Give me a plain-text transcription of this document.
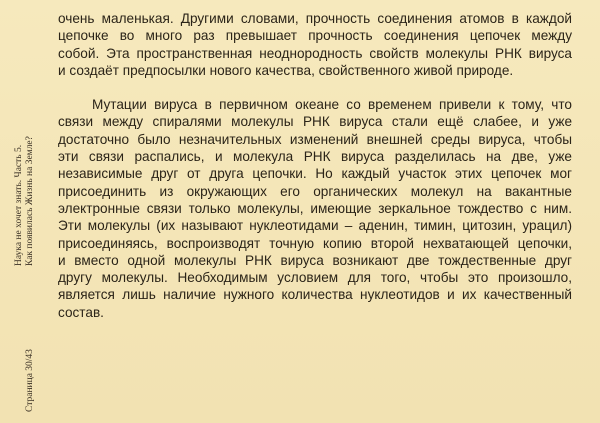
Страница 30/43
Наука не хочет знать. Часть 5. Как появилась Жизнь на Земле?
очень маленькая. Другими словами, прочность соединения атомов в каждой
цепочке во много раз превышает прочность соединения цепочек между
собой. Эта пространственная неоднородность свойств молекулы РНК вируса
и создаёт предпосылки нового качества, свойственного живой природе.
Мутации вируса в первичном океане со временем привели к тому, что
связи между спиралями молекулы РНК вируса стали ещё слабее, и уже
достаточно было незначительных изменений внешней среды вируса, чтобы
эти связи распались, и молекула РНК вируса разделилась на две, уже
независимые друг от друга цепочки. Но каждый участок этих цепочек мог
присоединить из окружающих его органических молекул на вакантные
электронные связи только молекулы, имеющие зеркальное тождество с ним.
Эти молекулы (их называют нуклеотидами – аденин, тимин, цитозин, урацил)
присоединяясь, воспроизводят точную копию второй нехватающей цепочки,
и вместо одной молекулы РНК вируса возникают две тождественные друг
другу молекулы. Необходимым условием для того, чтобы это произошло,
является лишь наличие нужного количества нуклеотидов и их качественный
состав.
